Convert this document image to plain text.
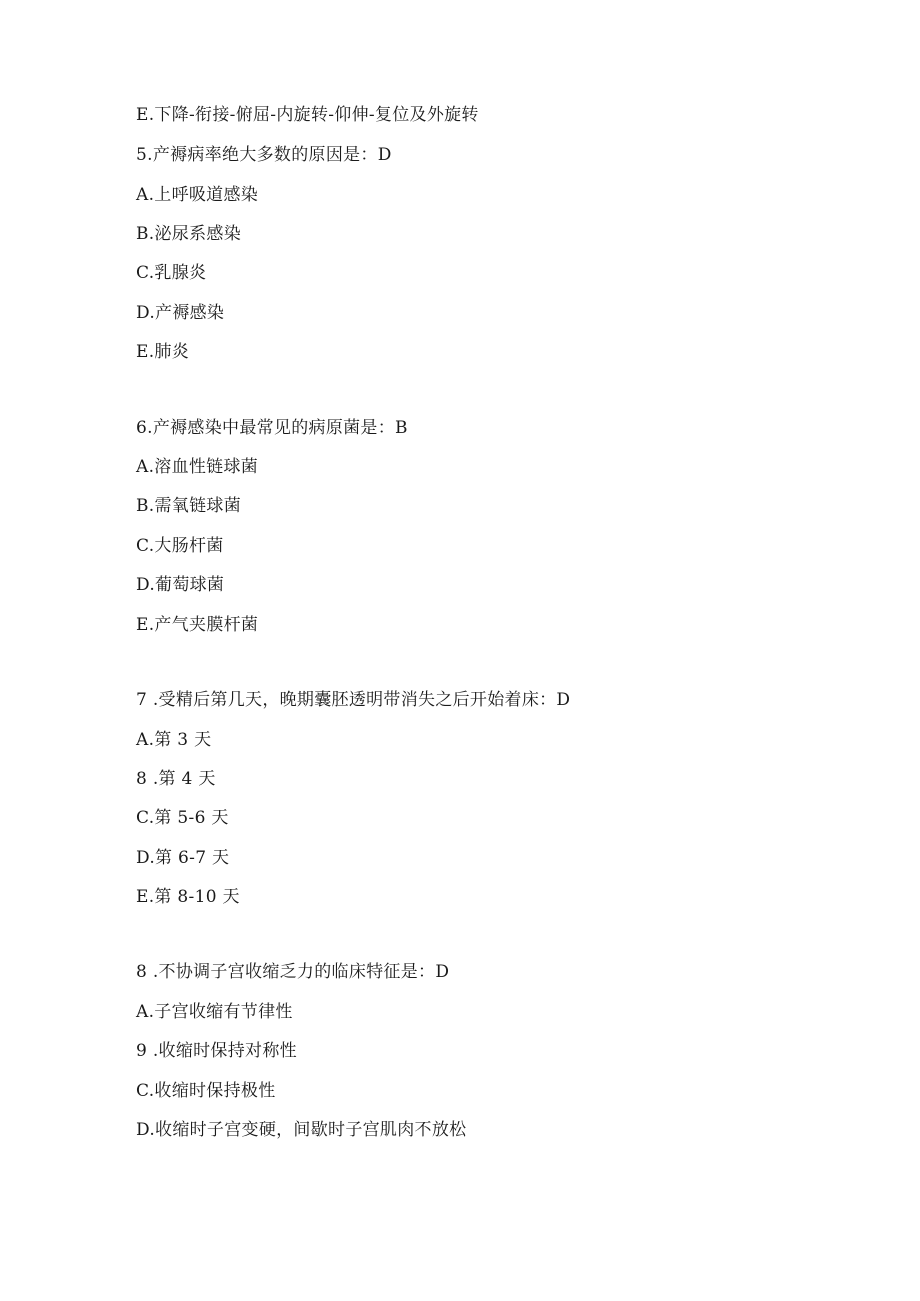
E.下降-衔接-俯屈-内旋转-仰伸-复位及外旋转
5.产褥病率绝大多数的原因是：D
A.上呼吸道感染
B.泌尿系感染
C.乳腺炎
D.产褥感染
E.肺炎
6.产褥感染中最常见的病原菌是：B
A.溶血性链球菌
B.需氧链球菌
C.大肠杆菌
D.葡萄球菌
E.产气夹膜杆菌
7 .受精后第几天，晚期囊胚透明带消失之后开始着床：D
A.第 3 天
8 .第 4 天
C.第 5-6 天
D.第 6-7 天
E.第 8-10 天
8 .不协调子宫收缩乏力的临床特征是：D
A.子宫收缩有节律性
9 .收缩时保持对称性
C.收缩时保持极性
D.收缩时子宫变硬，间歇时子宫肌肉不放松
